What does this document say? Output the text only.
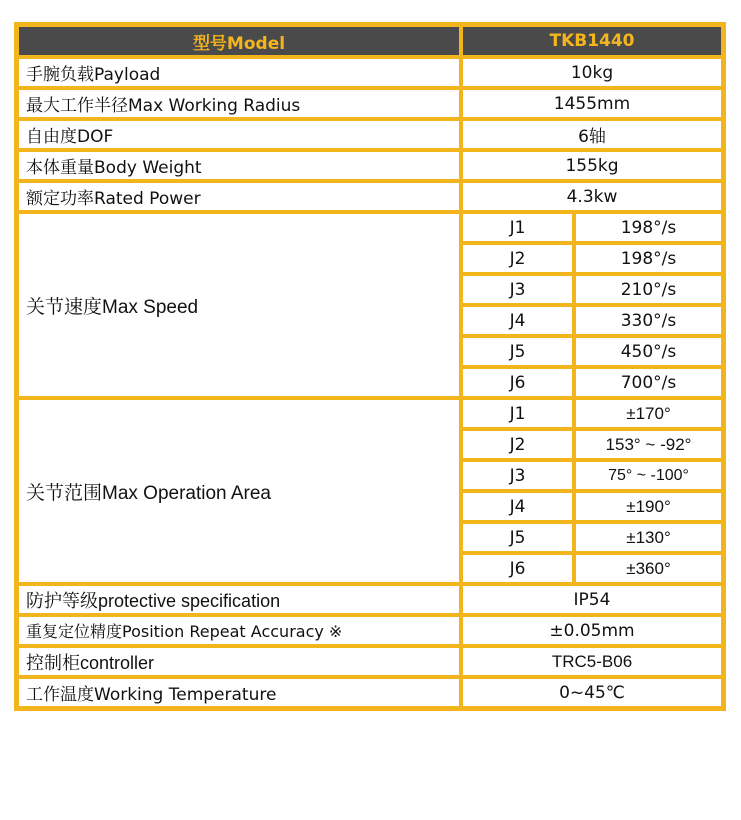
型号Model	TKB1440	
手腕负载Payload	10kg	
最大工作半径Max Working Radius	1455mm	
自由度DOF	6轴	
本体重量Body Weight	155kg	
额定功率Rated Power	4.3kw	
关节速度Max Speed	J1	198°/s
	J2	198°/s
	J3	210°/s
	J4	330°/s
	J5	450°/s
	J6	700°/s
关节范围Max Operation Area	J1	±170°
	J2	153° ~ -92°
	J3	75° ~ -100°
	J4	±190°
	J5	±130°
	J6	±360°
防护等级protective specification	IP54	
重复定位精度Position Repeat Accuracy ※	±0.05mm	
控制柜controller	TRC5-B06	
工作温度Working Temperature	0~45℃	
